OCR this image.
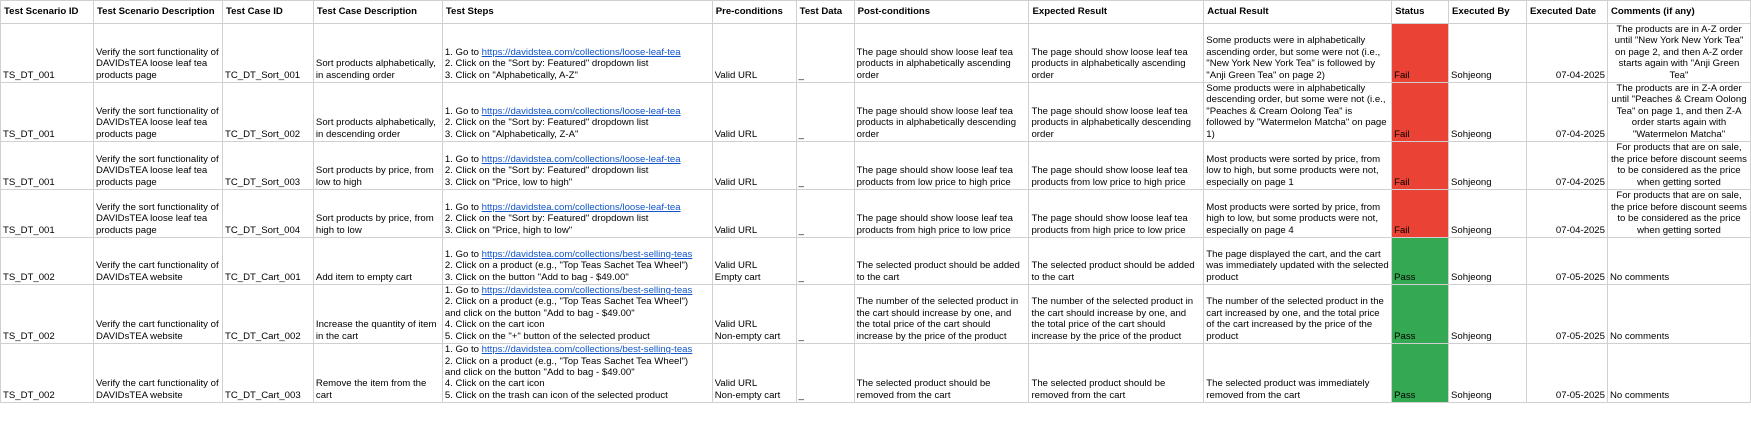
Test Scenario ID	Test Scenario Description	Test Case ID	Test Case Description	Test Steps	Pre-conditions	Test Data	Post-conditions	Expected Result	Actual Result	Status	Executed By	Executed Date	Comments (if any)
TS_DT_001	Verify the sort functionality of DAVIDsTEA loose leaf tea products page	TC_DT_Sort_001	Sort products alphabetically, in ascending order	1. Go to https://davidstea.com/collections/loose-leaf-tea
2. Click on the "Sort by: Featured" dropdown list
3. Click on "Alphabetically, A-Z"	Valid URL	_	The page should show loose leaf tea products in alphabetically ascending order	The page should show loose leaf tea products in alphabetically ascending order	Some products were in alphabetically ascending order, but some were not (i.e., "New York New York Tea" is followed by "Anji Green Tea" on page 2)	Fail	Sohjeong	07-04-2025	The products are in A-Z order until "New York New York Tea" on page 2, and then A-Z order starts again with "Anji Green Tea"
TS_DT_001	Verify the sort functionality of DAVIDsTEA loose leaf tea products page	TC_DT_Sort_002	Sort products alphabetically, in descending order	1. Go to https://davidstea.com/collections/loose-leaf-tea
2. Click on the "Sort by: Featured" dropdown list
3. Click on "Alphabetically, Z-A"	Valid URL	_	The page should show loose leaf tea products in alphabetically descending order	The page should show loose leaf tea products in alphabetically descending order	Some products were in alphabetically descending order, but some were not (i.e., "Peaches & Cream Oolong Tea" is followed by "Watermelon Matcha" on page 1)	Fail	Sohjeong	07-04-2025	The products are in Z-A order until "Peaches & Cream Oolong Tea" on page 1, and then Z-A order starts again with "Watermelon Matcha"
TS_DT_001	Verify the sort functionality of DAVIDsTEA loose leaf tea products page	TC_DT_Sort_003	Sort products by price, from low to high	1. Go to https://davidstea.com/collections/loose-leaf-tea
2. Click on the "Sort by: Featured" dropdown list
3. Click on "Price, low to high"	Valid URL	_	The page should show loose leaf tea products from low price to high price	The page should show loose leaf tea products from low price to high price	Most products were sorted by price, from low to high, but some products were not, especially on page 1	Fail	Sohjeong	07-04-2025	For products that are on sale, the price before discount seems to be considered as the price when getting sorted
TS_DT_001	Verify the sort functionality of DAVIDsTEA loose leaf tea products page	TC_DT_Sort_004	Sort products by price, from high to low	1. Go to https://davidstea.com/collections/loose-leaf-tea
2. Click on the "Sort by: Featured" dropdown list
3. Click on "Price, high to low"	Valid URL	_	The page should show loose leaf tea products from high price to low price	The page should show loose leaf tea products from high price to low price	Most products were sorted by price, from high to low, but some products were not, especially on page 4	Fail	Sohjeong	07-04-2025	For products that are on sale, the price before discount seems to be considered as the price when getting sorted
TS_DT_002	Verify the cart functionality of DAVIDsTEA website	TC_DT_Cart_001	Add item to empty cart	1. Go to https://davidstea.com/collections/best-selling-teas
2. Click on a product (e.g., "Top Teas Sachet Tea Wheel")
3. Click on the button "Add to bag - $49.00"	Valid URL
Empty cart	_	The selected product should be added to the cart	The selected product should be added to the cart	The page displayed the cart, and the cart was immediately updated with the selected product	Pass	Sohjeong	07-05-2025	No comments
TS_DT_002	Verify the cart functionality of DAVIDsTEA website	TC_DT_Cart_002	Increase the quantity of item in the cart	1. Go to https://davidstea.com/collections/best-selling-teas
2. Click on a product (e.g., "Top Teas Sachet Tea Wheel")
and click on the button "Add to bag - $49.00"
4. Click on the cart icon
5. Click on the "+" button of the selected product	Valid URL
Non-empty cart	_	The number of the selected product in the cart should increase by one, and the total price of the cart should increase by the price of the product	The number of the selected product in the cart should increase by one, and the total price of the cart should increase by the price of the product	The number of the selected product in the cart increased by one, and the total price of the cart increased by the price of the product	Pass	Sohjeong	07-05-2025	No comments
TS_DT_002	Verify the cart functionality of DAVIDsTEA website	TC_DT_Cart_003	Remove the item from the cart	1. Go to https://davidstea.com/collections/best-selling-teas
2. Click on a product (e.g., "Top Teas Sachet Tea Wheel")
and click on the button "Add to bag - $49.00"
4. Click on the cart icon
5. Click on the trash can icon of the selected product	Valid URL
Non-empty cart	_	The selected product should be removed from the cart	The selected product should be removed from the cart	The selected product was immediately removed from the cart	Pass	Sohjeong	07-05-2025	No comments
